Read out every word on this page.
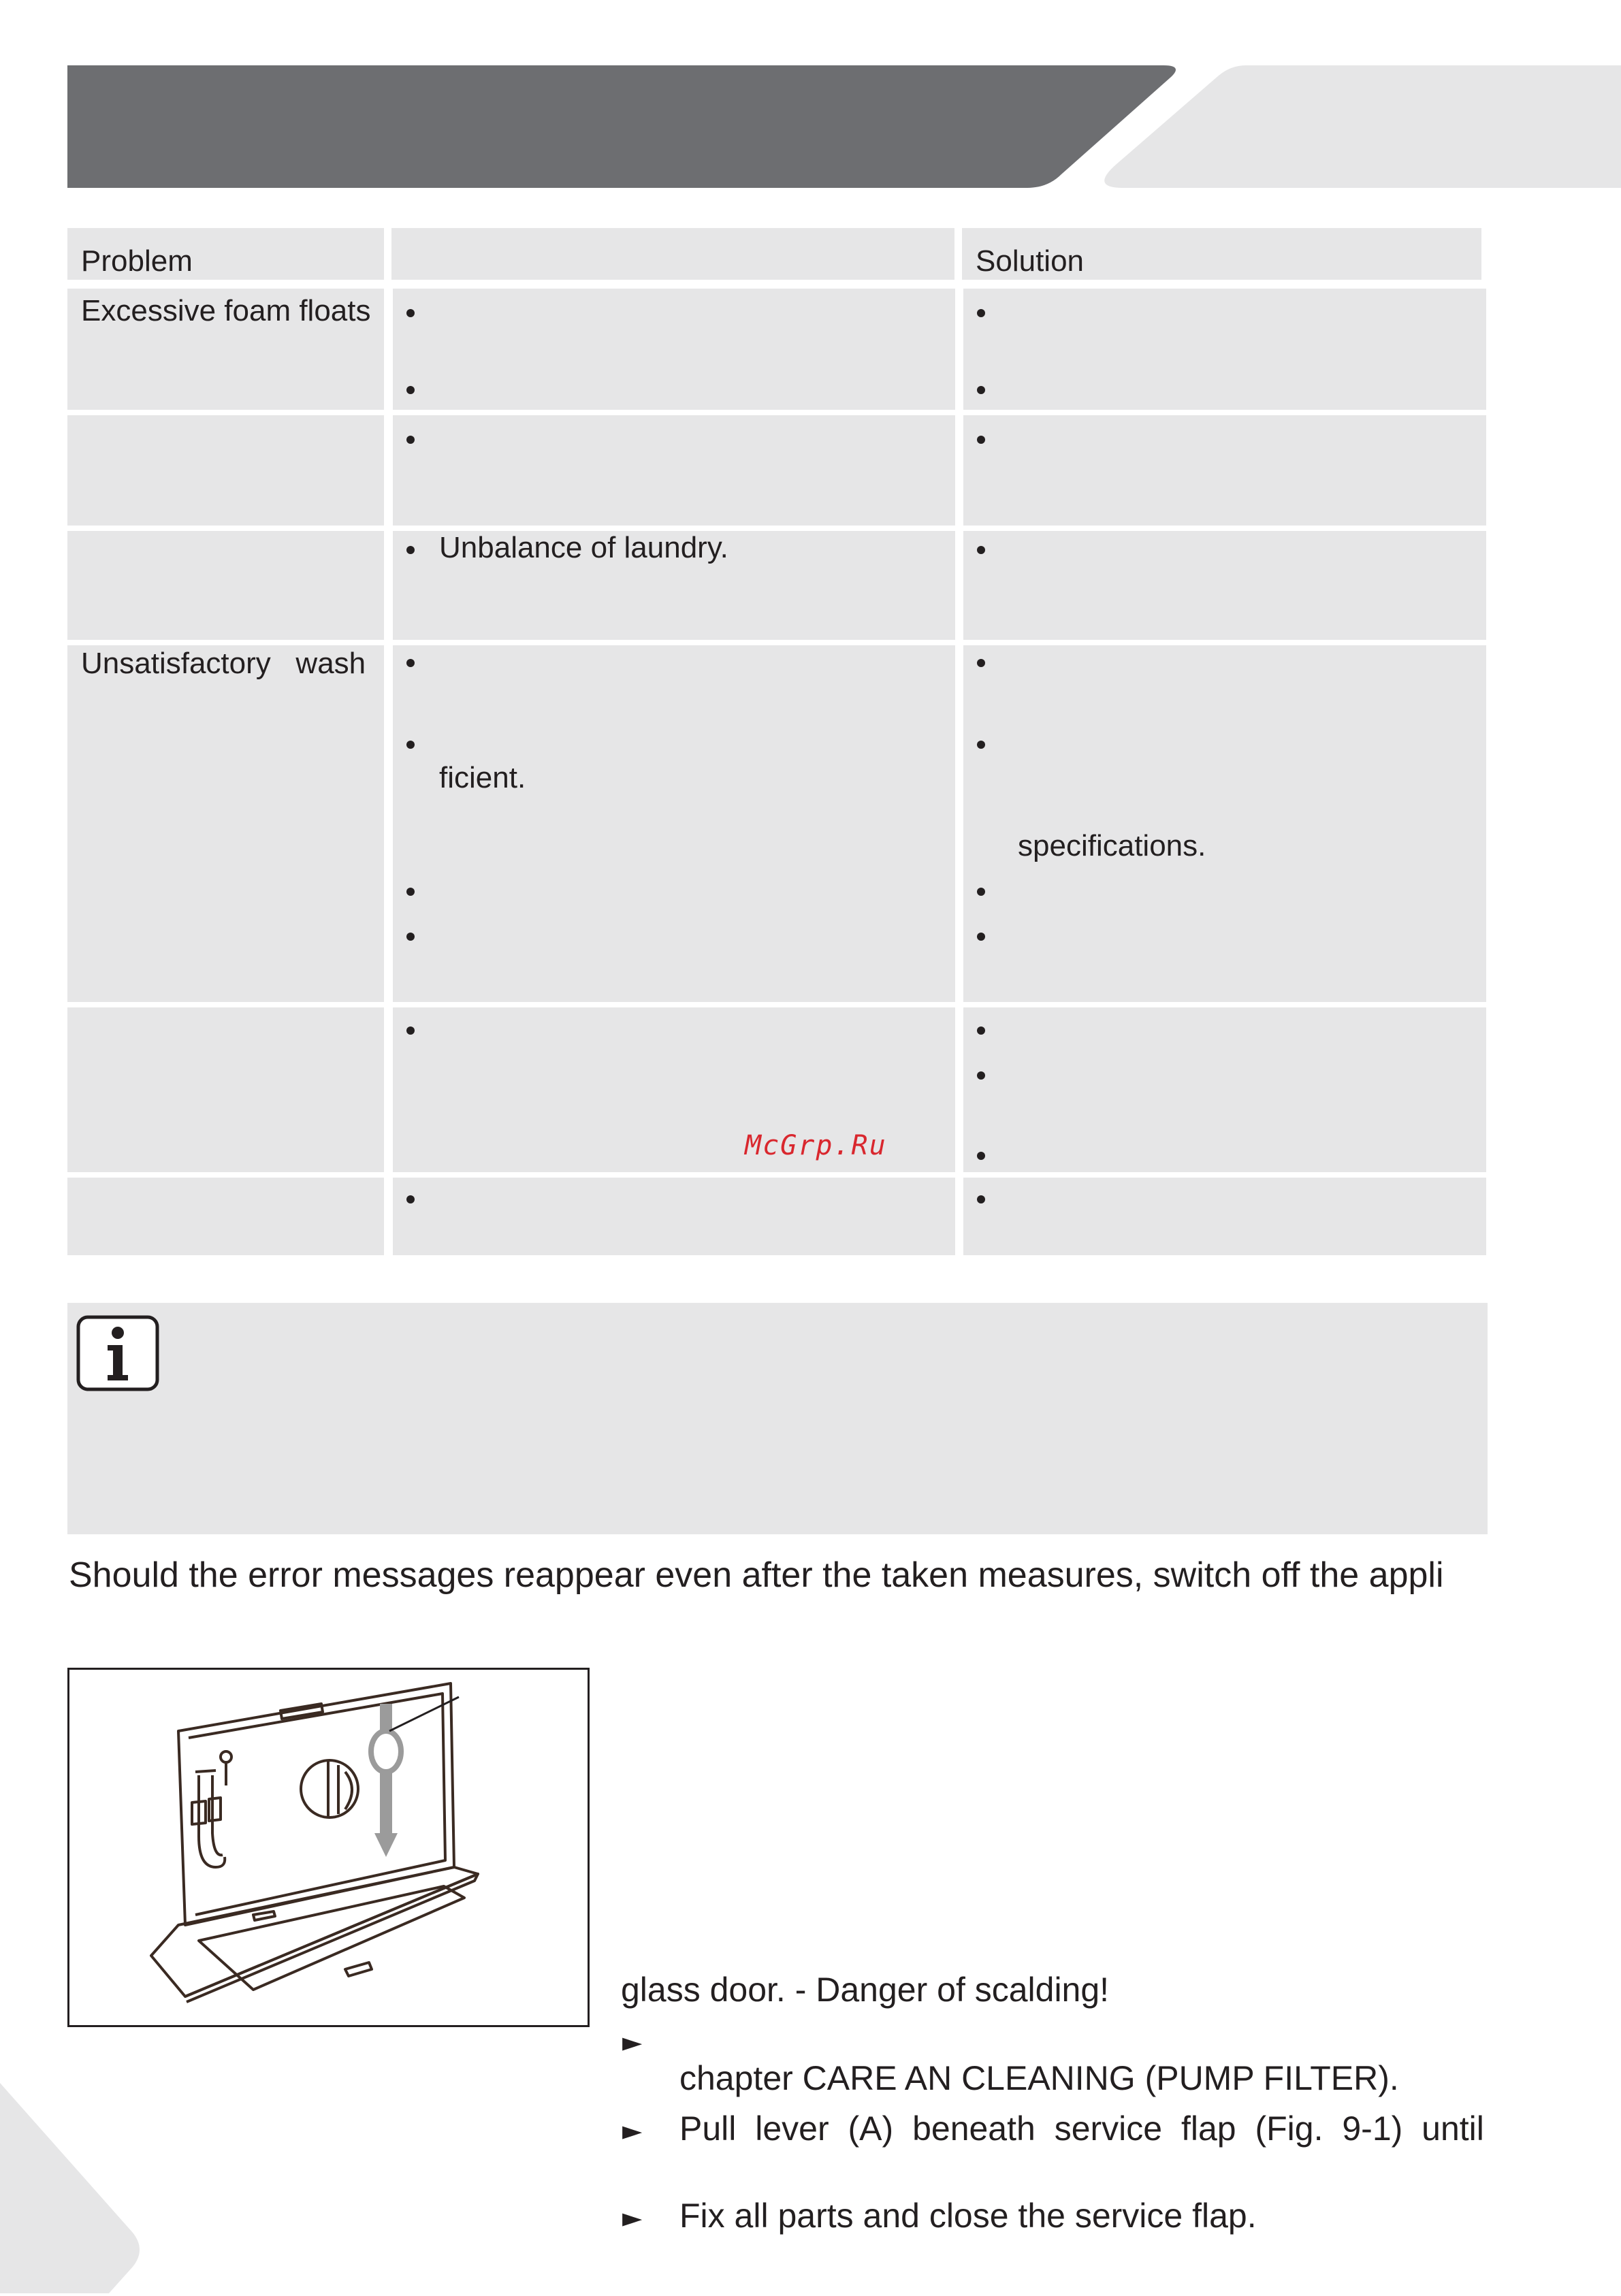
Problem	Solution
Excessive foam floats
Unbalance of laundry.
Unsatisfactory   wash
ficient.
specifications.
McGrp.Ru
Should the error messages reappear even after the taken measures, switch off the appli
glass door. - Danger of scalding!
►
chapter CARE AN CLEANING (PUMP FILTER).
► Pull lever (A) beneath service flap (Fig. 9-1) until
► Fix all parts and close the service flap.
